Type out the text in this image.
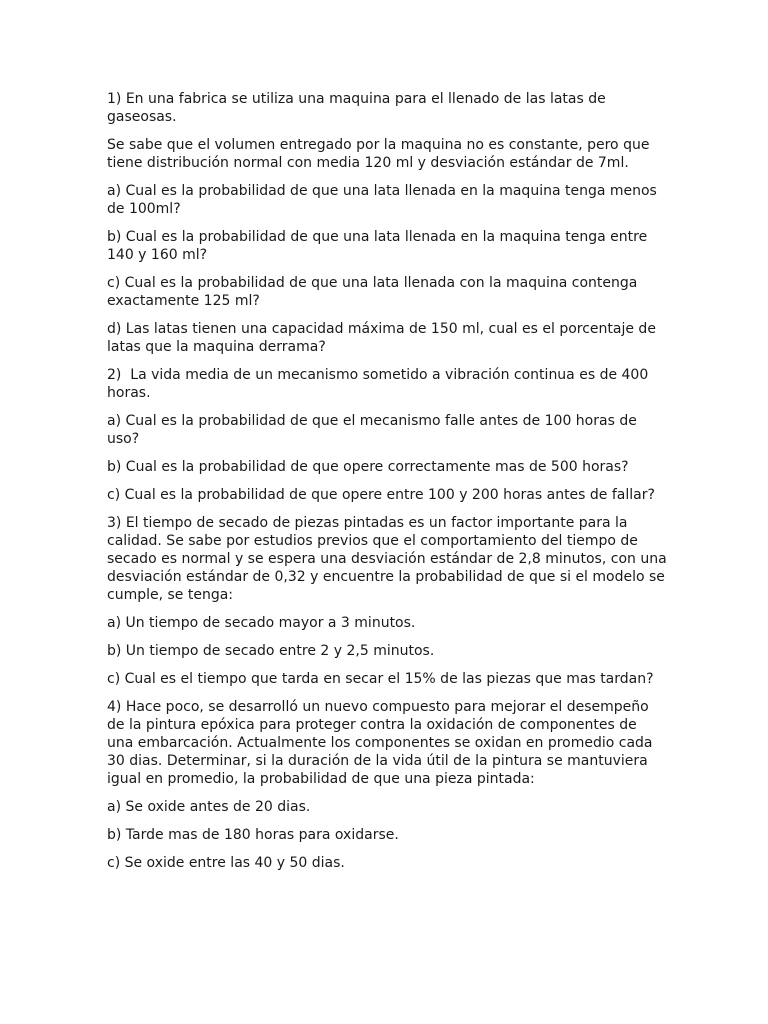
1) En una fabrica se utiliza una maquina para el llenado de las latas de gaseosas.

Se sabe que el volumen entregado por la maquina no es constante, pero que tiene distribución normal con media 120 ml y desviación estándar de 7ml.

a) Cual es la probabilidad de que una lata llenada en la maquina tenga menos de 100ml?

b) Cual es la probabilidad de que una lata llenada en la maquina tenga entre 140 y 160 ml?

c) Cual es la probabilidad de que una lata llenada con la maquina contenga exactamente 125 ml?

d) Las latas tienen una capacidad máxima de 150 ml, cual es el porcentaje de latas que la maquina derrama?

2)  La vida media de un mecanismo sometido a vibración continua es de 400 horas.

a) Cual es la probabilidad de que el mecanismo falle antes de 100 horas de uso?

b) Cual es la probabilidad de que opere correctamente mas de 500 horas?

c) Cual es la probabilidad de que opere entre 100 y 200 horas antes de fallar?

3) El tiempo de secado de piezas pintadas es un factor importante para la calidad. Se sabe por estudios previos que el comportamiento del tiempo de secado es normal y se espera una desviación estándar de 2,8 minutos, con una desviación estándar de 0,32 y encuentre la probabilidad de que si el modelo se cumple, se tenga:

a) Un tiempo de secado mayor a 3 minutos.

b) Un tiempo de secado entre 2 y 2,5 minutos.

c) Cual es el tiempo que tarda en secar el 15% de las piezas que mas tardan?

4) Hace poco, se desarrolló un nuevo compuesto para mejorar el desempeño de la pintura epóxica para proteger contra la oxidación de componentes de una embarcación. Actualmente los componentes se oxidan en promedio cada 30 dias. Determinar, si la duración de la vida útil de la pintura se mantuviera igual en promedio, la probabilidad de que una pieza pintada:

a) Se oxide antes de 20 dias.

b) Tarde mas de 180 horas para oxidarse.

c) Se oxide entre las 40 y 50 dias.
